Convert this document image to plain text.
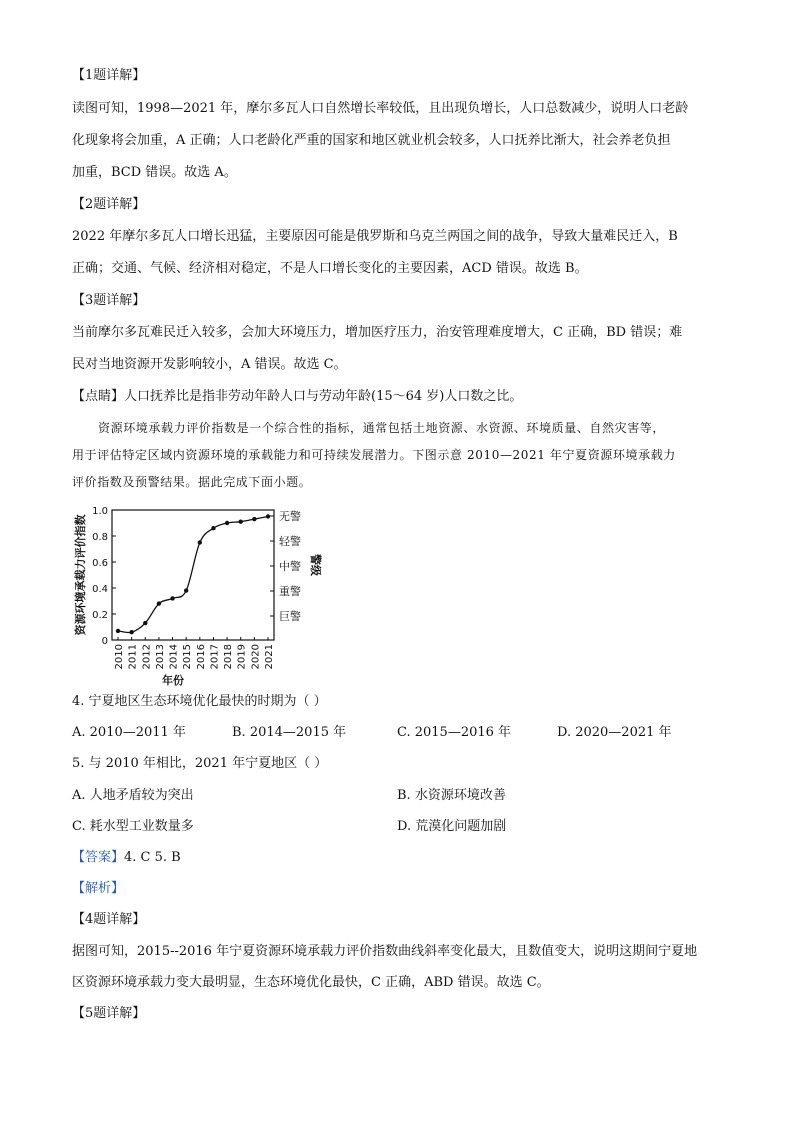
【1题详解】
读图可知，1998—2021 年，摩尔多瓦人口自然增长率较低，且出现负增长，人口总数减少，说明人口老龄
化现象将会加重，A 正确；人口老龄化严重的国家和地区就业机会较多，人口抚养比渐大，社会养老负担
加重，BCD 错误。故选 A。
【2题详解】
2022 年摩尔多瓦人口增长迅猛，主要原因可能是俄罗斯和乌克兰两国之间的战争，导致大量难民迁入，B
正确；交通、气候、经济相对稳定，不是人口增长变化的主要因素，ACD 错误。故选 B。
【3题详解】
当前摩尔多瓦难民迁入较多，会加大环境压力，增加医疗压力，治安管理难度增大，C 正确，BD 错误；难
民对当地资源开发影响较小，A 错误。故选 C。
【点睛】人口抚养比是指非劳动年龄人口与劳动年龄(15～64 岁)人口数之比。
资源环境承载力评价指数是一个综合性的指标，通常包括土地资源、水资源、环境质量、自然灾害等，
用于评估特定区域内资源环境的承载能力和可持续发展潜力。下图示意 2010—2021 年宁夏资源环境承载力
评价指数及预警结果。据此完成下面小题。
0
0.2
0.4
0.6
0.8
1.0
资源环境承载力评价指数	无警
轻警
中警
重警
巨警
警级
2010 2011 2012 2013 2014 2015 2016 2017 2018 2019 2020 2021
年份
4. 宁夏地区生态环境优化最快的时期为（ ）
A. 2010—2011 年	B. 2014—2015 年	C. 2015—2016 年	D. 2020—2021 年
5. 与 2010 年相比，2021 年宁夏地区（ ）
A. 人地矛盾较为突出	B. 水资源环境改善
C. 耗水型工业数量多	D. 荒漠化问题加剧
【答案】4. C 5. B
【解析】
【4题详解】
据图可知，2015--2016 年宁夏资源环境承载力评价指数曲线斜率变化最大，且数值变大，说明这期间宁夏地
区资源环境承载力变大最明显，生态环境优化最快，C 正确，ABD 错误。故选 C。
【5题详解】
